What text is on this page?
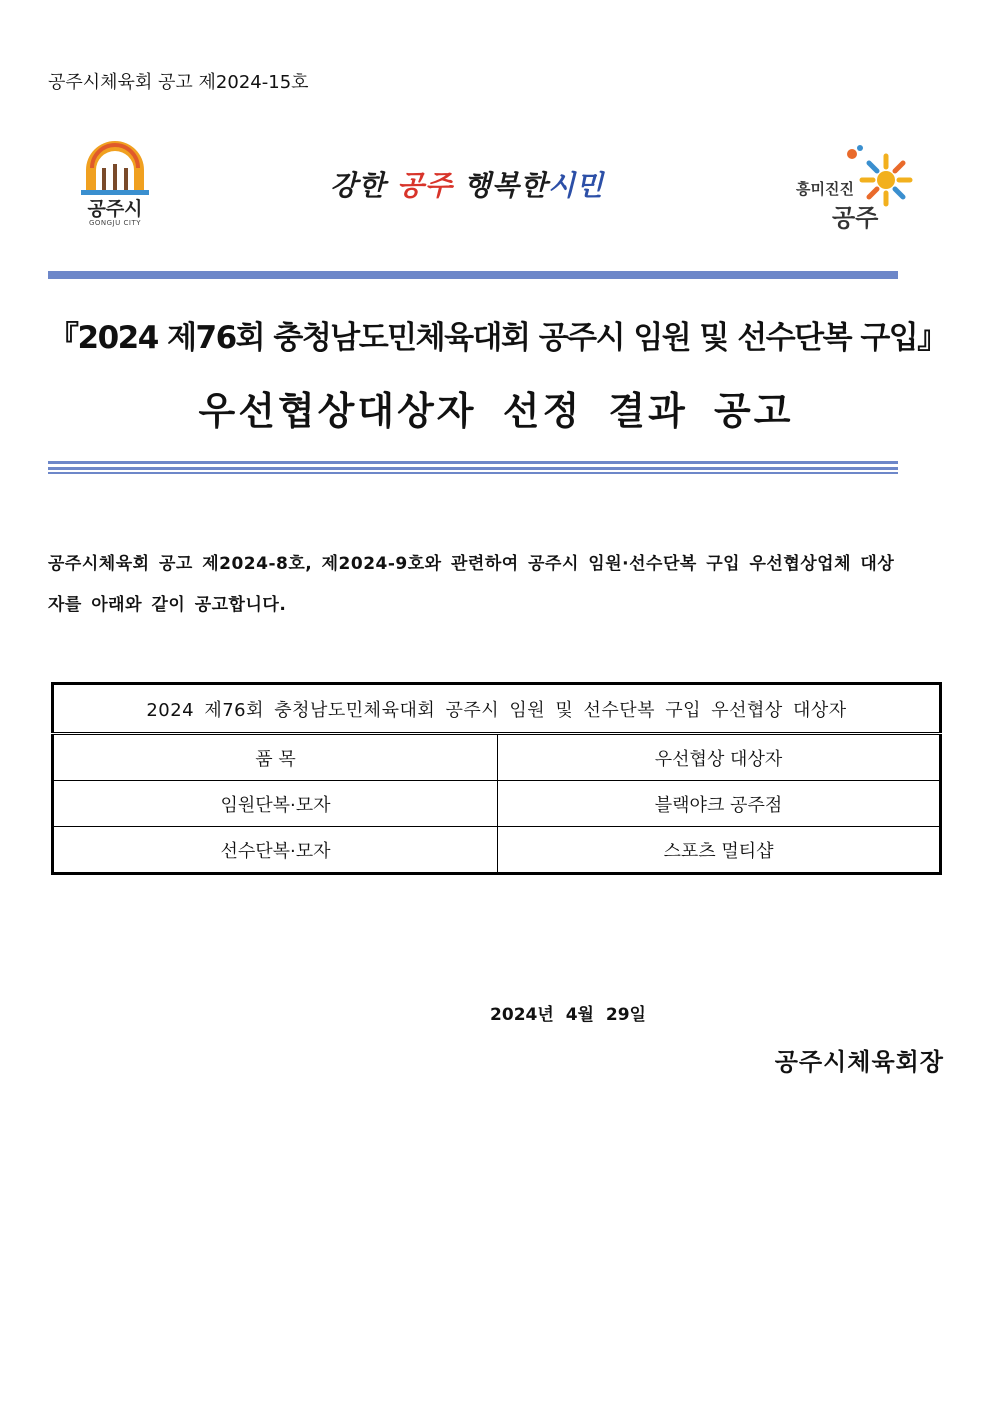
공주시체육회 공고 제2024-15호
공주시
GONGJU CITY
강한 공주 행복한시민	흥미진진
공주
『2024 제76회 충청남도민체육대회 공주시 임원 및 선수단복 구입』
우선협상대상자 선정 결과 공고
공주시체육회 공고 제2024-8호, 제2024-9호와 관련하여 공주시 임원·선수단복 구입 우선협상업체 대상자를 아래와 같이 공고합니다.
2024 제76회 충청남도민체육대회 공주시 임원 및 선수단복 구입 우선협상 대상자	
품 목	우선협상 대상자
임원단복·모자	블랙야크 공주점
선수단복·모자	스포츠 멀티샵
2024년 4월 29일
공주시체육회장
